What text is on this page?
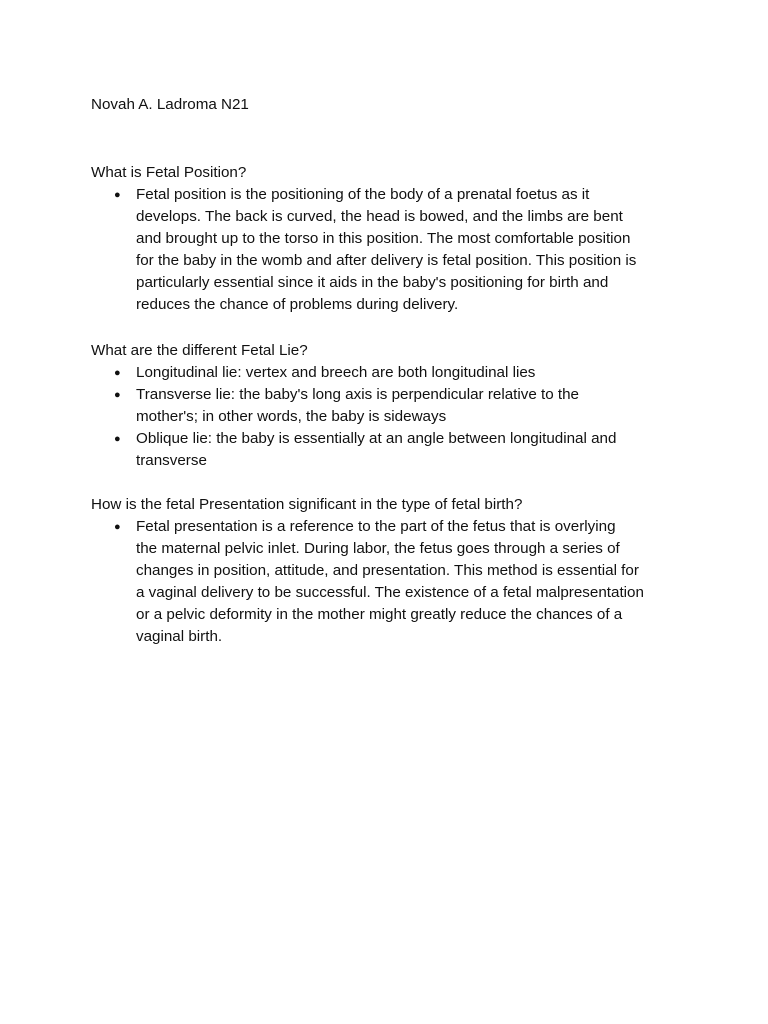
Novah A. Ladroma N21

What is Fetal Position?

● Fetal position is the positioning of the body of a prenatal foetus as it
develops. The back is curved, the head is bowed, and the limbs are bent
and brought up to the torso in this position. The most comfortable position
for the baby in the womb and after delivery is fetal position. This position is
particularly essential since it aids in the baby's positioning for birth and
reduces the chance of problems during delivery.

What are the different Fetal Lie?

● Longitudinal lie: vertex and breech are both longitudinal lies
● Transverse lie: the baby's long axis is perpendicular relative to the
mother's; in other words, the baby is sideways
● Oblique lie: the baby is essentially at an angle between longitudinal and
transverse

How is the fetal Presentation significant in the type of fetal birth?

● Fetal presentation is a reference to the part of the fetus that is overlying
the maternal pelvic inlet. During labor, the fetus goes through a series of
changes in position, attitude, and presentation. This method is essential for
a vaginal delivery to be successful. The existence of a fetal malpresentation
or a pelvic deformity in the mother might greatly reduce the chances of a
vaginal birth.
